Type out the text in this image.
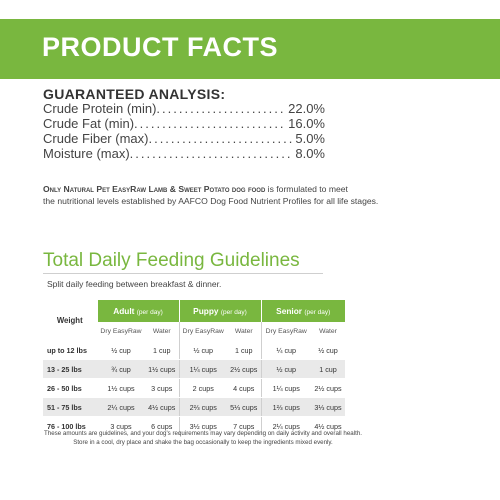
PRODUCT FACTS
GUARANTEED ANALYSIS:
Crude Protein (min). .....	22.0%
Crude Fat (min). .....	16.0%
Crude Fiber (max). .....	5.0%
Moisture (max). .....	8.0%
Only Natural Pet EasyRaw Lamb & Sweet Potato dog food is formulated to meet
the nutritional levels established by AAFCO Dog Food Nutrient Profiles for all life stages.
Total Daily Feeding Guidelines
Split daily feeding between breakfast & dinner.
Weight	Adult (per day)		Puppy (per day)		Senior (per day)	
	Dry EasyRaw	Water	Dry EasyRaw	Water	Dry EasyRaw	Water
up to 12 lbs	½ cup	1 cup	½ cup	1 cup	¼ cup	½ cup
13 - 25 lbs	¾ cup	1½ cups	1¼ cups	2½ cups	½ cup	1 cup
26 - 50 lbs	1½ cups	3 cups	2 cups	4 cups	1¼ cups	2½ cups
51 - 75 lbs	2¼ cups	4½ cups	2⅔ cups	5⅓ cups	1⅔ cups	3⅓ cups
76 - 100 lbs	3 cups	6 cups	3½ cups	7 cups	2¼ cups	4½ cups
These amounts are guidelines, and your dog's requirements may vary depending on daily activity and overall health.
Store in a cool, dry place and shake the bag occasionally to keep the ingredients mixed evenly.
